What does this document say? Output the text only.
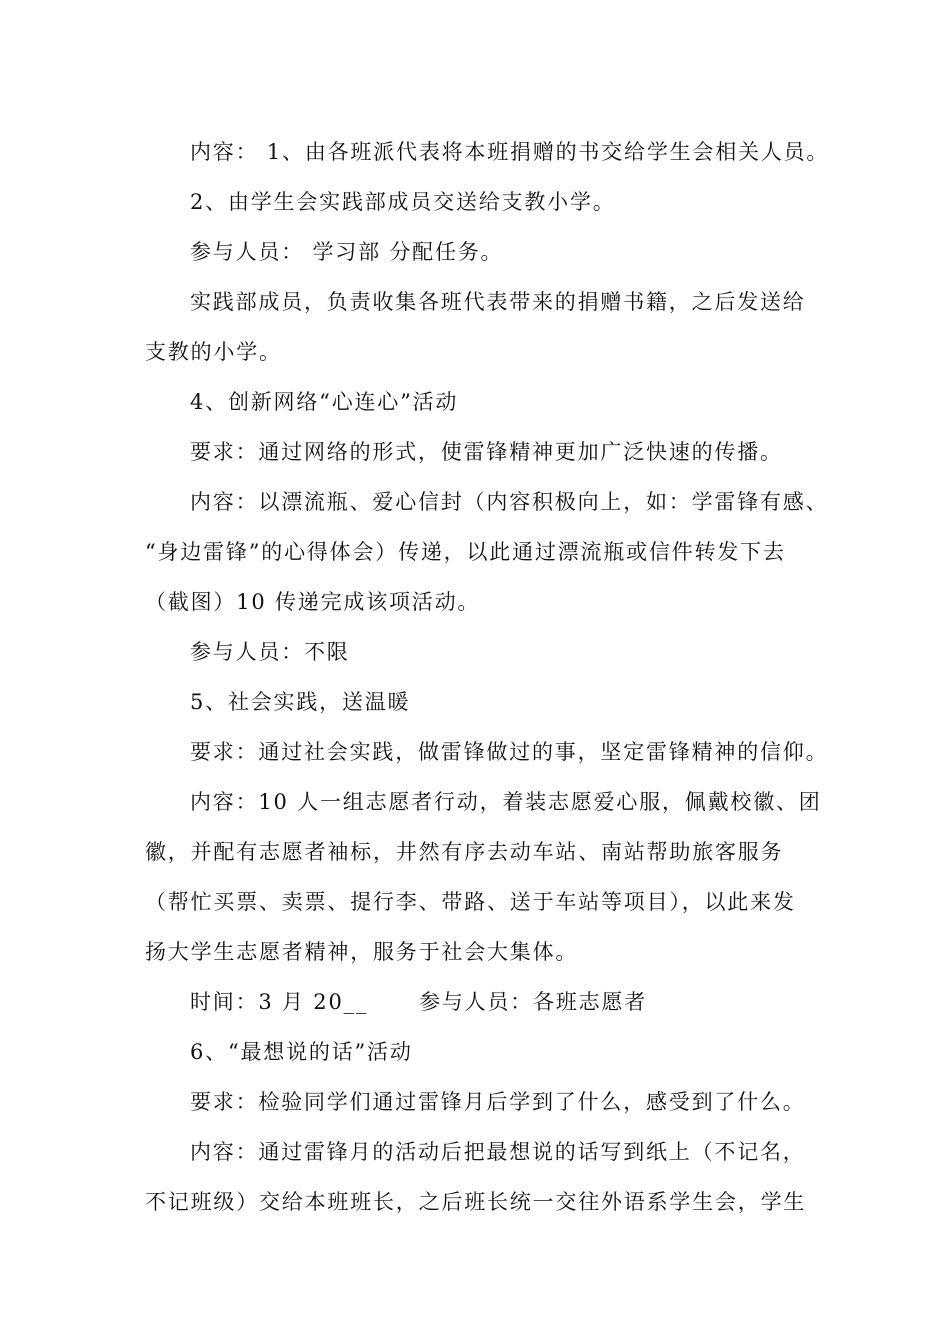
内容： 1、由各班派代表将本班捐赠的书交给学生会相关人员。
2、由学生会实践部成员交送给支教小学。
参与人员： 学习部 分配任务。
实践部成员，负责收集各班代表带来的捐赠书籍，之后发送给
支教的小学。
4、创新网络“心连心”活动
要求：通过网络的形式，使雷锋精神更加广泛快速的传播。
内容：以漂流瓶、爱心信封（内容积极向上，如：学雷锋有感、
“身边雷锋”的心得体会）传递，以此通过漂流瓶或信件转发下去
（截图）10 传递完成该项活动。
参与人员：不限
5、社会实践，送温暖
要求：通过社会实践，做雷锋做过的事，坚定雷锋精神的信仰。
内容：10 人一组志愿者行动，着装志愿爱心服，佩戴校徽、团
徽，并配有志愿者袖标，井然有序去动车站、南站帮助旅客服务
（帮忙买票、卖票、提行李、带路、送于车站等项目），以此来发
扬大学生志愿者精神，服务于社会大集体。
时间：3 月 20__      参与人员：各班志愿者
6、“最想说的话”活动
要求：检验同学们通过雷锋月后学到了什么，感受到了什么。
内容：通过雷锋月的活动后把最想说的话写到纸上（不记名，
不记班级）交给本班班长，之后班长统一交往外语系学生会，学生
